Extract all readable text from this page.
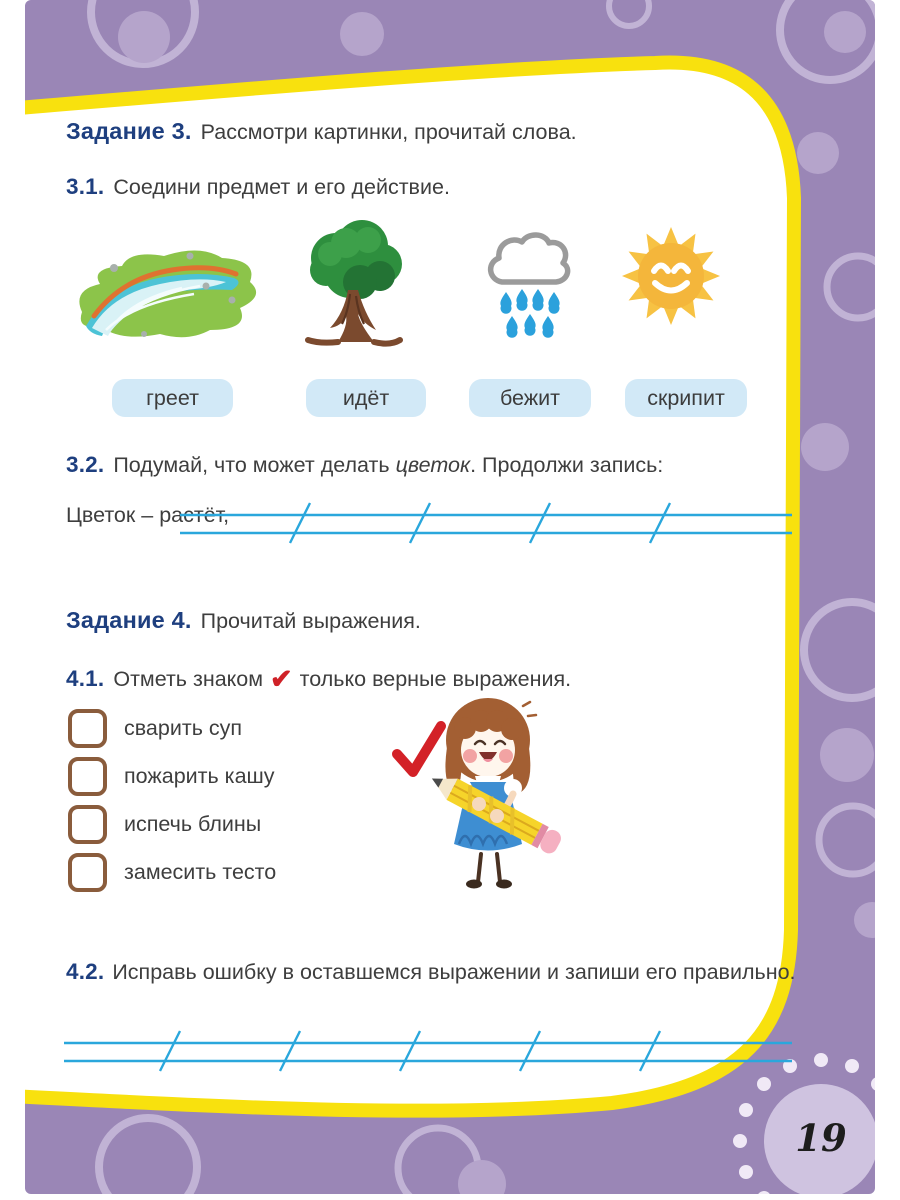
Задание 3. Рассмотри картинки, прочитай слова.
3.1. Соедини предмет и его действие.
греет	идёт	бежит	скрипит
3.2. Подумай, что может делать цветок. Продолжи запись:
Цветок – растёт,
Задание 4. Прочитай выражения.
4.1. Отметь знаком ✔ только верные выражения.
сварить суп
пожарить кашу
испечь блины
замесить тесто
4.2. Исправь ошибку в оставшемся выражении и запиши его правильно.
19
